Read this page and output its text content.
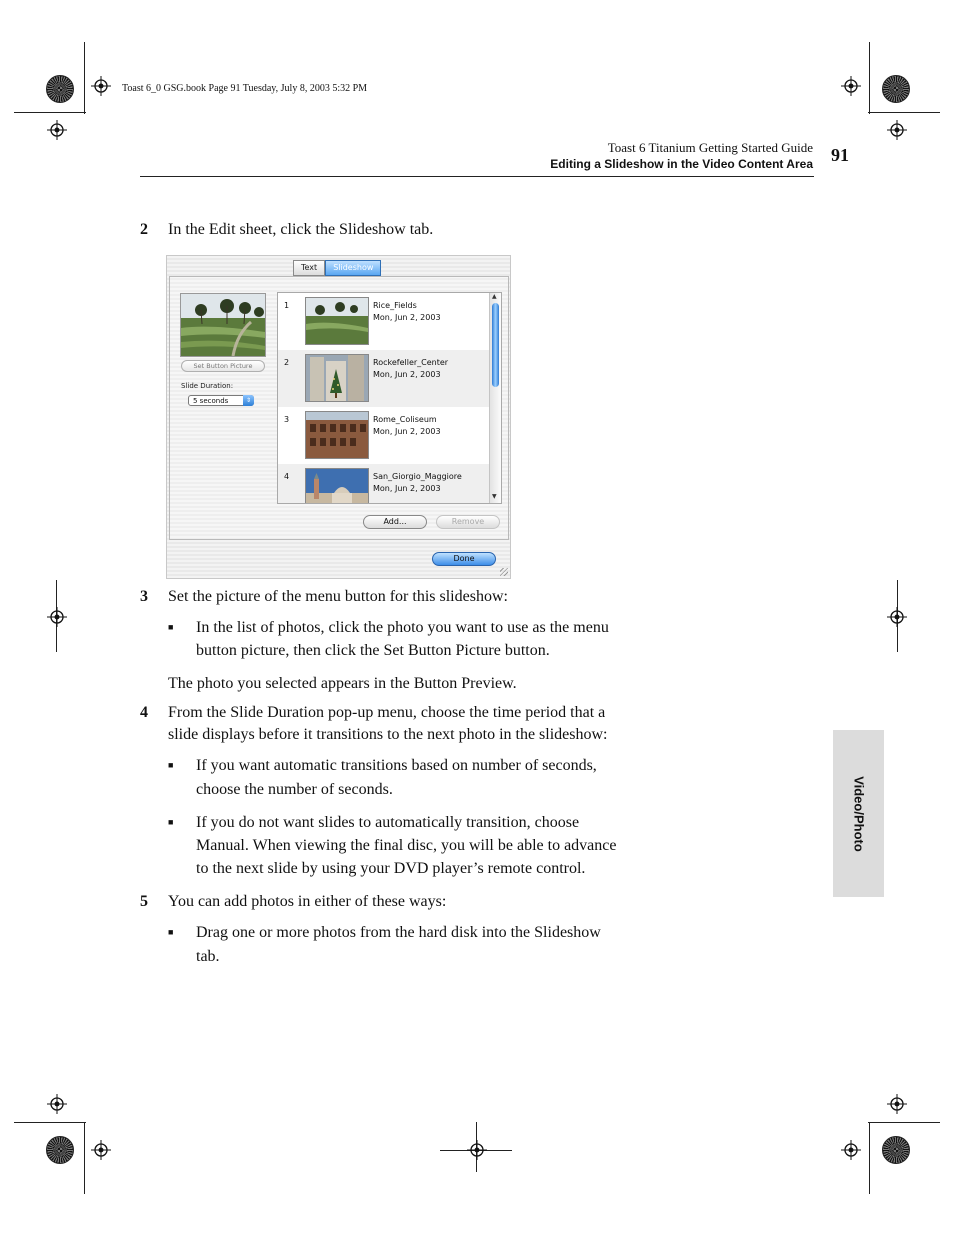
Toast 6_0 GSG.book Page 91 Tuesday, July 8, 2003 5:32 PM
Toast 6 Titanium Getting Started Guide
Editing a Slideshow in the Video Content Area 91
Video/Photo
2 In the Edit sheet, click the Slideshow tab.
Text	Slideshow
Set Button Picture
Slide Duration:
5 seconds	⇕
1	Rice_Fields
Mon, Jun 2, 2003
2	Rockefeller_Center
Mon, Jun 2, 2003
3	Rome_Coliseum
Mon, Jun 2, 2003
4	San_Giorgio_Maggiore
Mon, Jun 2, 2003
▲
▼
Add...	Remove
Done
3 Set the picture of the menu button for this slideshow:
■ In the list of photos, click the photo you want to use as the menu
button picture, then click the Set Button Picture button.
The photo you selected appears in the Button Preview.
4 From the Slide Duration pop-up menu, choose the time period that a
slide displays before it transitions to the next photo in the slideshow:
■ If you want automatic transitions based on number of seconds,
choose the number of seconds.
■ If you do not want slides to automatically transition, choose
Manual. When viewing the final disc, you will be able to advance
to the next slide by using your DVD player’s remote control.
5 You can add photos in either of these ways:
■ Drag one or more photos from the hard disk into the Slideshow
tab.
